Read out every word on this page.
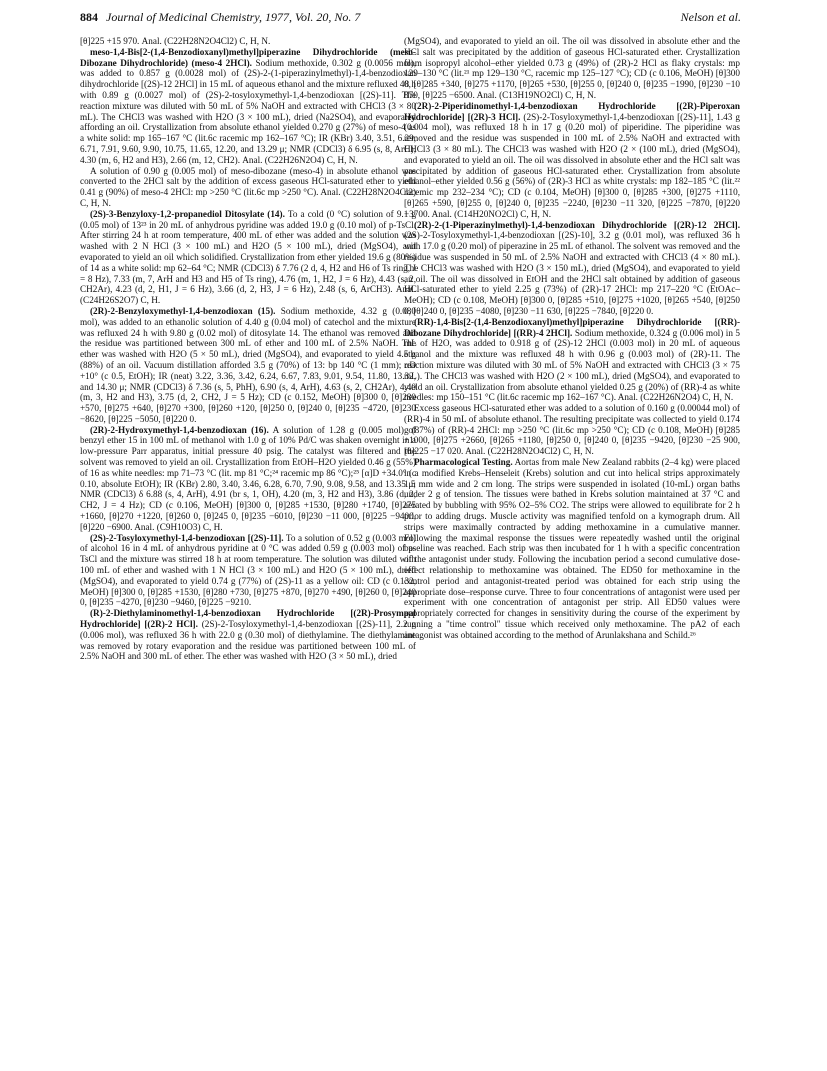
884 Journal of Medicinal Chemistry, 1977, Vol. 20, No. 7	Nelson et al.

[θ]225 +15 970. Anal. (C22H28N2O4Cl2) C, H, N.

meso-1,4-Bis[2-(1,4-Benzodioxanyl)methyl]piperazine Dihydrochloride (meso-Dibozane Dihydrochloride) (meso-4 2HCl). Sodium methoxide, 0.302 g (0.0056 mol), was added to 0.857 g (0.0028 mol) of (2S)-2-(1-piperazinylmethyl)-1,4-benzodioxan dihydrochloride [(2S)-12 2HCl] in 15 mL of aqueous ethanol and the mixture refluxed 48 h with 0.89 g (0.0027 mol) of (2S)-2-tosyloxymethyl-1,4-benzodioxan [(2S)-11]. The reaction mixture was diluted with 50 mL of 5% NaOH and extracted with CHCl3 (3 × 80 mL). The CHCl3 was washed with H2O (3 × 100 mL), dried (Na2SO4), and evaporated affording an oil. Crystallization from absolute ethanol yielded 0.270 g (27%) of meso-4 as a white solid: mp 165–167 °C (lit.6c racemic mp 162–167 °C); IR (KBr) 3.40, 3.51, 6.29, 6.71, 7.91, 9.60, 9.90, 10.75, 11.65, 12.20, and 13.29 μ; NMR (CDCl3) δ 6.95 (s, 8, ArH), 4.30 (m, 6, H2 and H3), 2.66 (m, 12, CH2). Anal. (C22H26N2O4) C, H, N.

A solution of 0.90 g (0.005 mol) of meso-dibozane (meso-4) in absolute ethanol was converted to the 2HCl salt by the addition of excess gaseous HCl-saturated ether to yield 0.41 g (90%) of meso-4 2HCl: mp >250 °C (lit.6c mp >250 °C). Anal. (C22H28N2O4Cl2) C, H, N.

(2S)-3-Benzyloxy-1,2-propanediol Ditosylate (14). To a cold (0 °C) solution of 9.1 g (0.05 mol) of 13²³ in 20 mL of anhydrous pyridine was added 19.0 g (0.10 mol) of p-TsCl. After stirring 24 h at room temperature, 400 mL of ether was added and the solution was washed with 2 N HCl (3 × 100 mL) and H2O (5 × 100 mL), dried (MgSO4), and evaporated to yield an oil which solidified. Crystallization from ether yielded 19.6 g (80%) of 14 as a white solid: mp 62–64 °C; NMR (CDCl3) δ 7.76 (2 d, 4, H2 and H6 of Ts ring, J = 8 Hz), 7.33 (m, 7, ArH and H3 and H5 of Ts ring), 4.76 (m, 1, H2, J = 6 Hz), 4.43 (s, 2, CH2Ar), 4.23 (d, 2, H1, J = 6 Hz), 3.66 (d, 2, H3, J = 6 Hz), 2.48 (s, 6, ArCH3). Anal. (C24H26S2O7) C, H.

(2R)-2-Benzyloxymethyl-1,4-benzodioxan (15). Sodium methoxide, 4.32 g (0.080 mol), was added to an ethanolic solution of 4.40 g (0.04 mol) of catechol and the mixture was refluxed 24 h with 9.80 g (0.02 mol) of ditosylate 14. The ethanol was removed and the residue was partitioned between 300 mL of ether and 100 mL of 2.5% NaOH. The ether was washed with H2O (5 × 50 mL), dried (MgSO4), and evaporated to yield 4.5 g (88%) of an oil. Vacuum distillation afforded 3.5 g (70%) of 13: bp 140 °C (1 mm); αD +10° (c 0.5, EtOH); IR (neat) 3.22, 3.36, 3.42, 6.24, 6.67, 7.83, 9.01, 9.54, 11.80, 13.32, and 14.30 μ; NMR (CDCl3) δ 7.36 (s, 5, PhH), 6.90 (s, 4, ArH), 4.63 (s, 2, CH2Ar), 4.40 (m, 3, H2 and H3), 3.75 (d, 2, CH2, J = 5 Hz); CD (c 0.152, MeOH) [θ]300 0, [θ]280 +570, [θ]275 +640, [θ]270 +300, [θ]260 +120, [θ]250 0, [θ]240 0, [θ]235 −4720, [θ]230 −8620, [θ]225 −5050, [θ]220 0.

(2R)-2-Hydroxymethyl-1,4-benzodioxan (16). A solution of 1.28 g (0.005 mol) of benzyl ether 15 in 100 mL of methanol with 1.0 g of 10% Pd/C was shaken overnight in a low-pressure Parr apparatus, initial pressure 40 psig. The catalyst was filtered and the solvent was removed to yield an oil. Crystallization from EtOH–H2O yielded 0.46 g (55%) of 16 as white needles: mp 71–73 °C (lit. mp 81 °C;²⁴ racemic mp 86 °C);²⁵ [α]D +34.0° (c 0.10, absolute EtOH); IR (KBr) 2.80, 3.40, 3.46, 6.28, 6.70, 7.90, 9.08, 9.58, and 13.35 μ; NMR (CDCl3) δ 6.88 (s, 4, ArH), 4.91 (br s, 1, OH), 4.20 (m, 3, H2 and H3), 3.86 (d, 2, CH2, J = 4 Hz); CD (c 0.106, MeOH) [θ]300 0, [θ]285 +1530, [θ]280 +1740, [θ]275 +1660, [θ]270 +1220, [θ]260 0, [θ]245 0, [θ]235 −6010, [θ]230 −11 000, [θ]225 −9400, [θ]220 −6900. Anal. (C9H10O3) C, H.

(2S)-2-Tosyloxymethyl-1,4-benzodioxan [(2S)-11]. To a solution of 0.52 g (0.003 mol) of alcohol 16 in 4 mL of anhydrous pyridine at 0 °C was added 0.59 g (0.003 mol) of p-TsCl and the mixture was stirred 18 h at room temperature. The solution was diluted with 100 mL of ether and washed with 1 N HCl (3 × 100 mL) and H2O (5 × 100 mL), dried (MgSO4), and evaporated to yield 0.74 g (77%) of (2S)-11 as a yellow oil: CD (c 0.132, MeOH) [θ]300 0, [θ]285 +1530, [θ]280 +730, [θ]275 +870, [θ]270 +490, [θ]260 0, [θ]240 0, [θ]235 −4270, [θ]230 −9460, [θ]225 −9210.

(R)-2-Diethylaminomethyl-1,4-benzodioxan Hydrochloride [(2R)-Prosympal Hydrochloride] [(2R)-2 HCl]. (2S)-2-Tosyloxymethyl-1,4-benzodioxan [(2S)-11], 2.2 g (0.006 mol), was refluxed 36 h with 22.0 g (0.30 mol) of diethylamine. The diethylamine was removed by rotary evaporation and the residue was partitioned between 100 mL of 2.5% NaOH and 300 mL of ether. The ether was washed with H2O (3 × 50 mL), dried

(MgSO4), and evaporated to yield an oil. The oil was dissolved in absolute ether and the HCl salt was precipitated by the addition of gaseous HCl-saturated ether. Crystallization from isopropyl alcohol–ether yielded 0.73 g (49%) of (2R)-2 HCl as flaky crystals: mp 129–130 °C (lit.²¹ mp 129–130 °C, racemic mp 125–127 °C); CD (c 0.106, MeOH) [θ]300 0, [θ]285 +340, [θ]275 +1170, [θ]265 +530, [θ]255 0, [θ]240 0, [θ]235 −1990, [θ]230 −10 870, [θ]225 −6500. Anal. (C13H19NO2Cl) C, H, N.

(2R)-2-Piperidinomethyl-1,4-benzodioxan Hydrochloride [(2R)-Piperoxan Hydrochloride] [(2R)-3 HCl]. (2S)-2-Tosyloxymethyl-1,4-benzodioxan [(2S)-11], 1.43 g (0.004 mol), was refluxed 18 h in 17 g (0.20 mol) of piperidine. The piperidine was removed and the residue was suspended in 100 mL of 2.5% NaOH and extracted with CHCl3 (3 × 80 mL). The CHCl3 was washed with H2O (2 × (100 mL), dried (MgSO4), and evaporated to yield an oil. The oil was dissolved in absolute ether and the HCl salt was precipitated by addition of gaseous HCl-saturated ether. Crystallization from absolute ethanol–ether yielded 0.56 g (56%) of (2R)-3 HCl as white crystals: mp 182–185 °C (lit.²² racemic mp 232–234 °C); CD (c 0.104, MeOH) [θ]300 0, [θ]285 +300, [θ]275 +1110, [θ]265 +590, [θ]255 0, [θ]240 0, [θ]235 −2240, [θ]230 −11 320, [θ]225 −7870, [θ]220 −3700. Anal. (C14H20NO2Cl) C, H, N.

(2R)-2-(1-Piperazinylmethyl)-1,4-benzodioxan Dihydrochloride [(2R)-12 2HCl]. (2S)-2-Tosyloxymethyl-1,4-benzodioxan [(2S)-10], 3.2 g (0.01 mol), was refluxed 36 h with 17.0 g (0.20 mol) of piperazine in 25 mL of ethanol. The solvent was removed and the residue was suspended in 50 mL of 2.5% NaOH and extracted with CHCl3 (4 × 80 mL). The CHCl3 was washed with H2O (3 × 150 mL), dried (MgSO4), and evaporated to yield an oil. The oil was dissolved in EtOH and the 2HCl salt obtained by addition of gaseous HCl-saturated ether to yield 2.25 g (73%) of (2R)-17 2HCl: mp 217–220 °C (EtOAc–MeOH); CD (c 0.108, MeOH) [θ]300 0, [θ]285 +510, [θ]275 +1020, [θ]265 +540, [θ]250 0, [θ]240 0, [θ]235 −4080, [θ]230 −11 630, [θ]225 −7840, [θ]220 0.

(RR)-1,4-Bis[2-(1,4-Benzodioxanyl)methyl]piperazine Dihydrochloride [(RR)-Dibozane Dihydrochloride] [(RR)-4 2HCl]. Sodium methoxide, 0.324 g (0.006 mol) in 5 mL of H2O, was added to 0.918 g of (2S)-12 2HCl (0.003 mol) in 20 mL of aqueous ethanol and the mixture was refluxed 48 h with 0.96 g (0.003 mol) of (2R)-11. The reaction mixture was diluted with 30 mL of 5% NaOH and extracted with CHCl3 (3 × 75 mL). The CHCl3 was washed with H2O (2 × 100 mL), dried (MgSO4), and evaporated to yield an oil. Crystallization from absolute ethanol yielded 0.25 g (20%) of (RR)-4 as white needles: mp 150–151 °C (lit.6c racemic mp 162–167 °C). Anal. (C22H26N2O4) C, H, N.

Excess gaseous HCl-saturated ether was added to a solution of 0.160 g (0.00044 mol) of (RR)-4 in 50 mL of absolute ethanol. The resulting precipitate was collected to yield 0.174 g (87%) of (RR)-4 2HCl: mp >250 °C (lit.6c mp >250 °C); CD (c 0.108, MeOH) [θ]285 +1000, [θ]275 +2660, [θ]265 +1180, [θ]250 0, [θ]240 0, [θ]235 −9420, [θ]230 −25 900, [θ]225 −17 020. Anal. (C22H28N2O4Cl2) C, H, N.

Pharmacological Testing. Aortas from male New Zealand rabbits (2–4 kg) were placed in a modified Krebs–Henseleit (Krebs) solution and cut into helical strips approximately 1.5 mm wide and 2 cm long. The strips were suspended in isolated (10-mL) organ baths under 2 g of tension. The tissues were bathed in Krebs solution maintained at 37 °C and aerated by bubbling with 95% O2–5% CO2. The strips were allowed to equilibrate for 2 h prior to adding drugs. Muscle activity was magnified tenfold on a kymograph drum. All strips were maximally contracted by adding methoxamine in a cumulative manner. Following the maximal response the tissues were repeatedly washed until the original baseline was reached. Each strip was then incubated for 1 h with a specific concentration of the antagonist under study. Following the incubation period a second cumulative dose-effect relationship to methoxamine was obtained. The ED50 for methoxamine in the control period and antagonist-treated period was obtained for each strip using the appropriate dose–response curve. Three to four concentrations of antagonist were used per experiment with one concentration of antagonist per strip. All ED50 values were appropriately corrected for changes in sensitivity during the course of the experiment by running a "time control" tissue which received only methoxamine. The pA2 of each antagonist was obtained according to the method of Arunlakshana and Schild.²⁶
